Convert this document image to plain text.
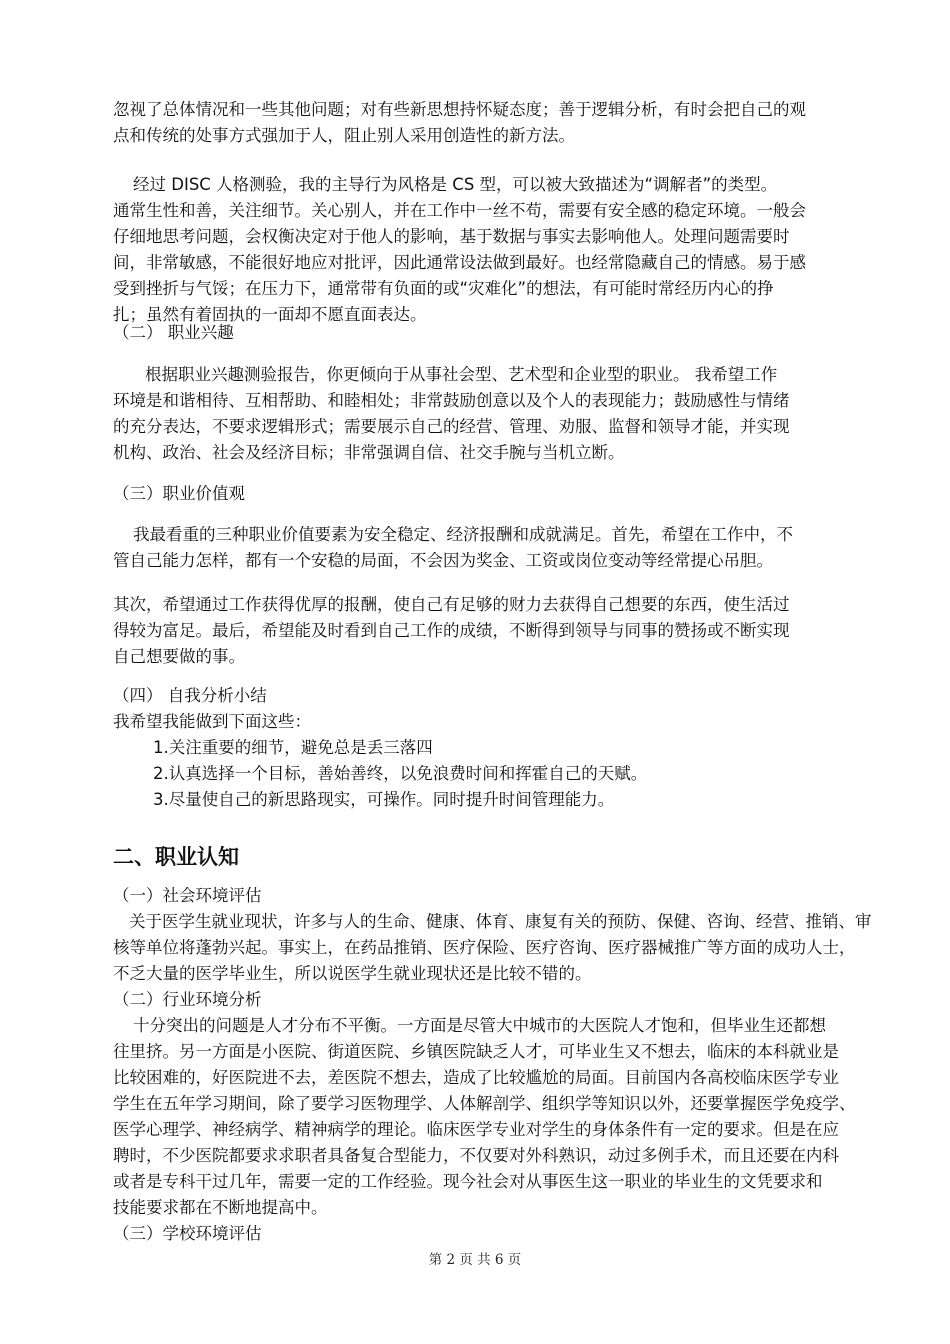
忽视了总体情况和一些其他问题；对有些新思想持怀疑态度；善于逻辑分析，有时会把自己的观
点和传统的处事方式强加于人，阻止别人采用创造性的新方法。
经过 DISC 人格测验，我的主导行为风格是 CS 型，可以被大致描述为“调解者”的类型。
通常生性和善，关注细节。关心别人，并在工作中一丝不苟，需要有安全感的稳定环境。一般会
仔细地思考问题，会权衡决定对于他人的影响，基于数据与事实去影响他人。处理问题需要时
间，非常敏感，不能很好地应对批评，因此通常设法做到最好。也经常隐藏自己的情感。易于感
受到挫折与气馁；在压力下，通常带有负面的或“灾难化”的想法，有可能时常经历内心的挣
扎；虽然有着固执的一面却不愿直面表达。
（二） 职业兴趣
根据职业兴趣测验报告，你更倾向于从事社会型、艺术型和企业型的职业。 我希望工作
环境是和谐相待、互相帮助、和睦相处；非常鼓励创意以及个人的表现能力；鼓励感性与情绪
的充分表达，不要求逻辑形式；需要展示自己的经营、管理、劝服、监督和领导才能，并实现
机构、政治、社会及经济目标；非常强调自信、社交手腕与当机立断。
（三）职业价值观
我最看重的三种职业价值要素为安全稳定、经济报酬和成就满足。首先，希望在工作中，不
管自己能力怎样，都有一个安稳的局面，不会因为奖金、工资或岗位变动等经常提心吊胆。
其次，希望通过工作获得优厚的报酬，使自己有足够的财力去获得自己想要的东西，使生活过
得较为富足。最后，希望能及时看到自己工作的成绩，不断得到领导与同事的赞扬或不断实现
自己想要做的事。
（四） 自我分析小结
我希望我能做到下面这些：
1.关注重要的细节，避免总是丢三落四
2.认真选择一个目标，善始善终，以免浪费时间和挥霍自己的天赋。
3.尽量使自己的新思路现实，可操作。同时提升时间管理能力。
二、职业认知
（一）社会环境评估
关于医学生就业现状，许多与人的生命、健康、体育、康复有关的预防、保健、咨询、经营、推销、审
核等单位将蓬勃兴起。事实上，在药品推销、医疗保险、医疗咨询、医疗器械推广等方面的成功人士，
不乏大量的医学毕业生，所以说医学生就业现状还是比较不错的。
（二）行业环境分析
十分突出的问题是人才分布不平衡。一方面是尽管大中城市的大医院人才饱和，但毕业生还都想
往里挤。另一方面是小医院、街道医院、乡镇医院缺乏人才，可毕业生又不想去，临床的本科就业是
比较困难的，好医院进不去，差医院不想去，造成了比较尴尬的局面。目前国内各高校临床医学专业
学生在五年学习期间，除了要学习医物理学、人体解剖学、组织学等知识以外，还要掌握医学免疫学、
医学心理学、神经病学、精神病学的理论。临床医学专业对学生的身体条件有一定的要求。但是在应
聘时，不少医院都要求求职者具备复合型能力，不仅要对外科熟识，动过多例手术，而且还要在内科
或者是专科干过几年，需要一定的工作经验。现今社会对从事医生这一职业的毕业生的文凭要求和
技能要求都在不断地提高中。
（三）学校环境评估
第 2 页 共 6 页
